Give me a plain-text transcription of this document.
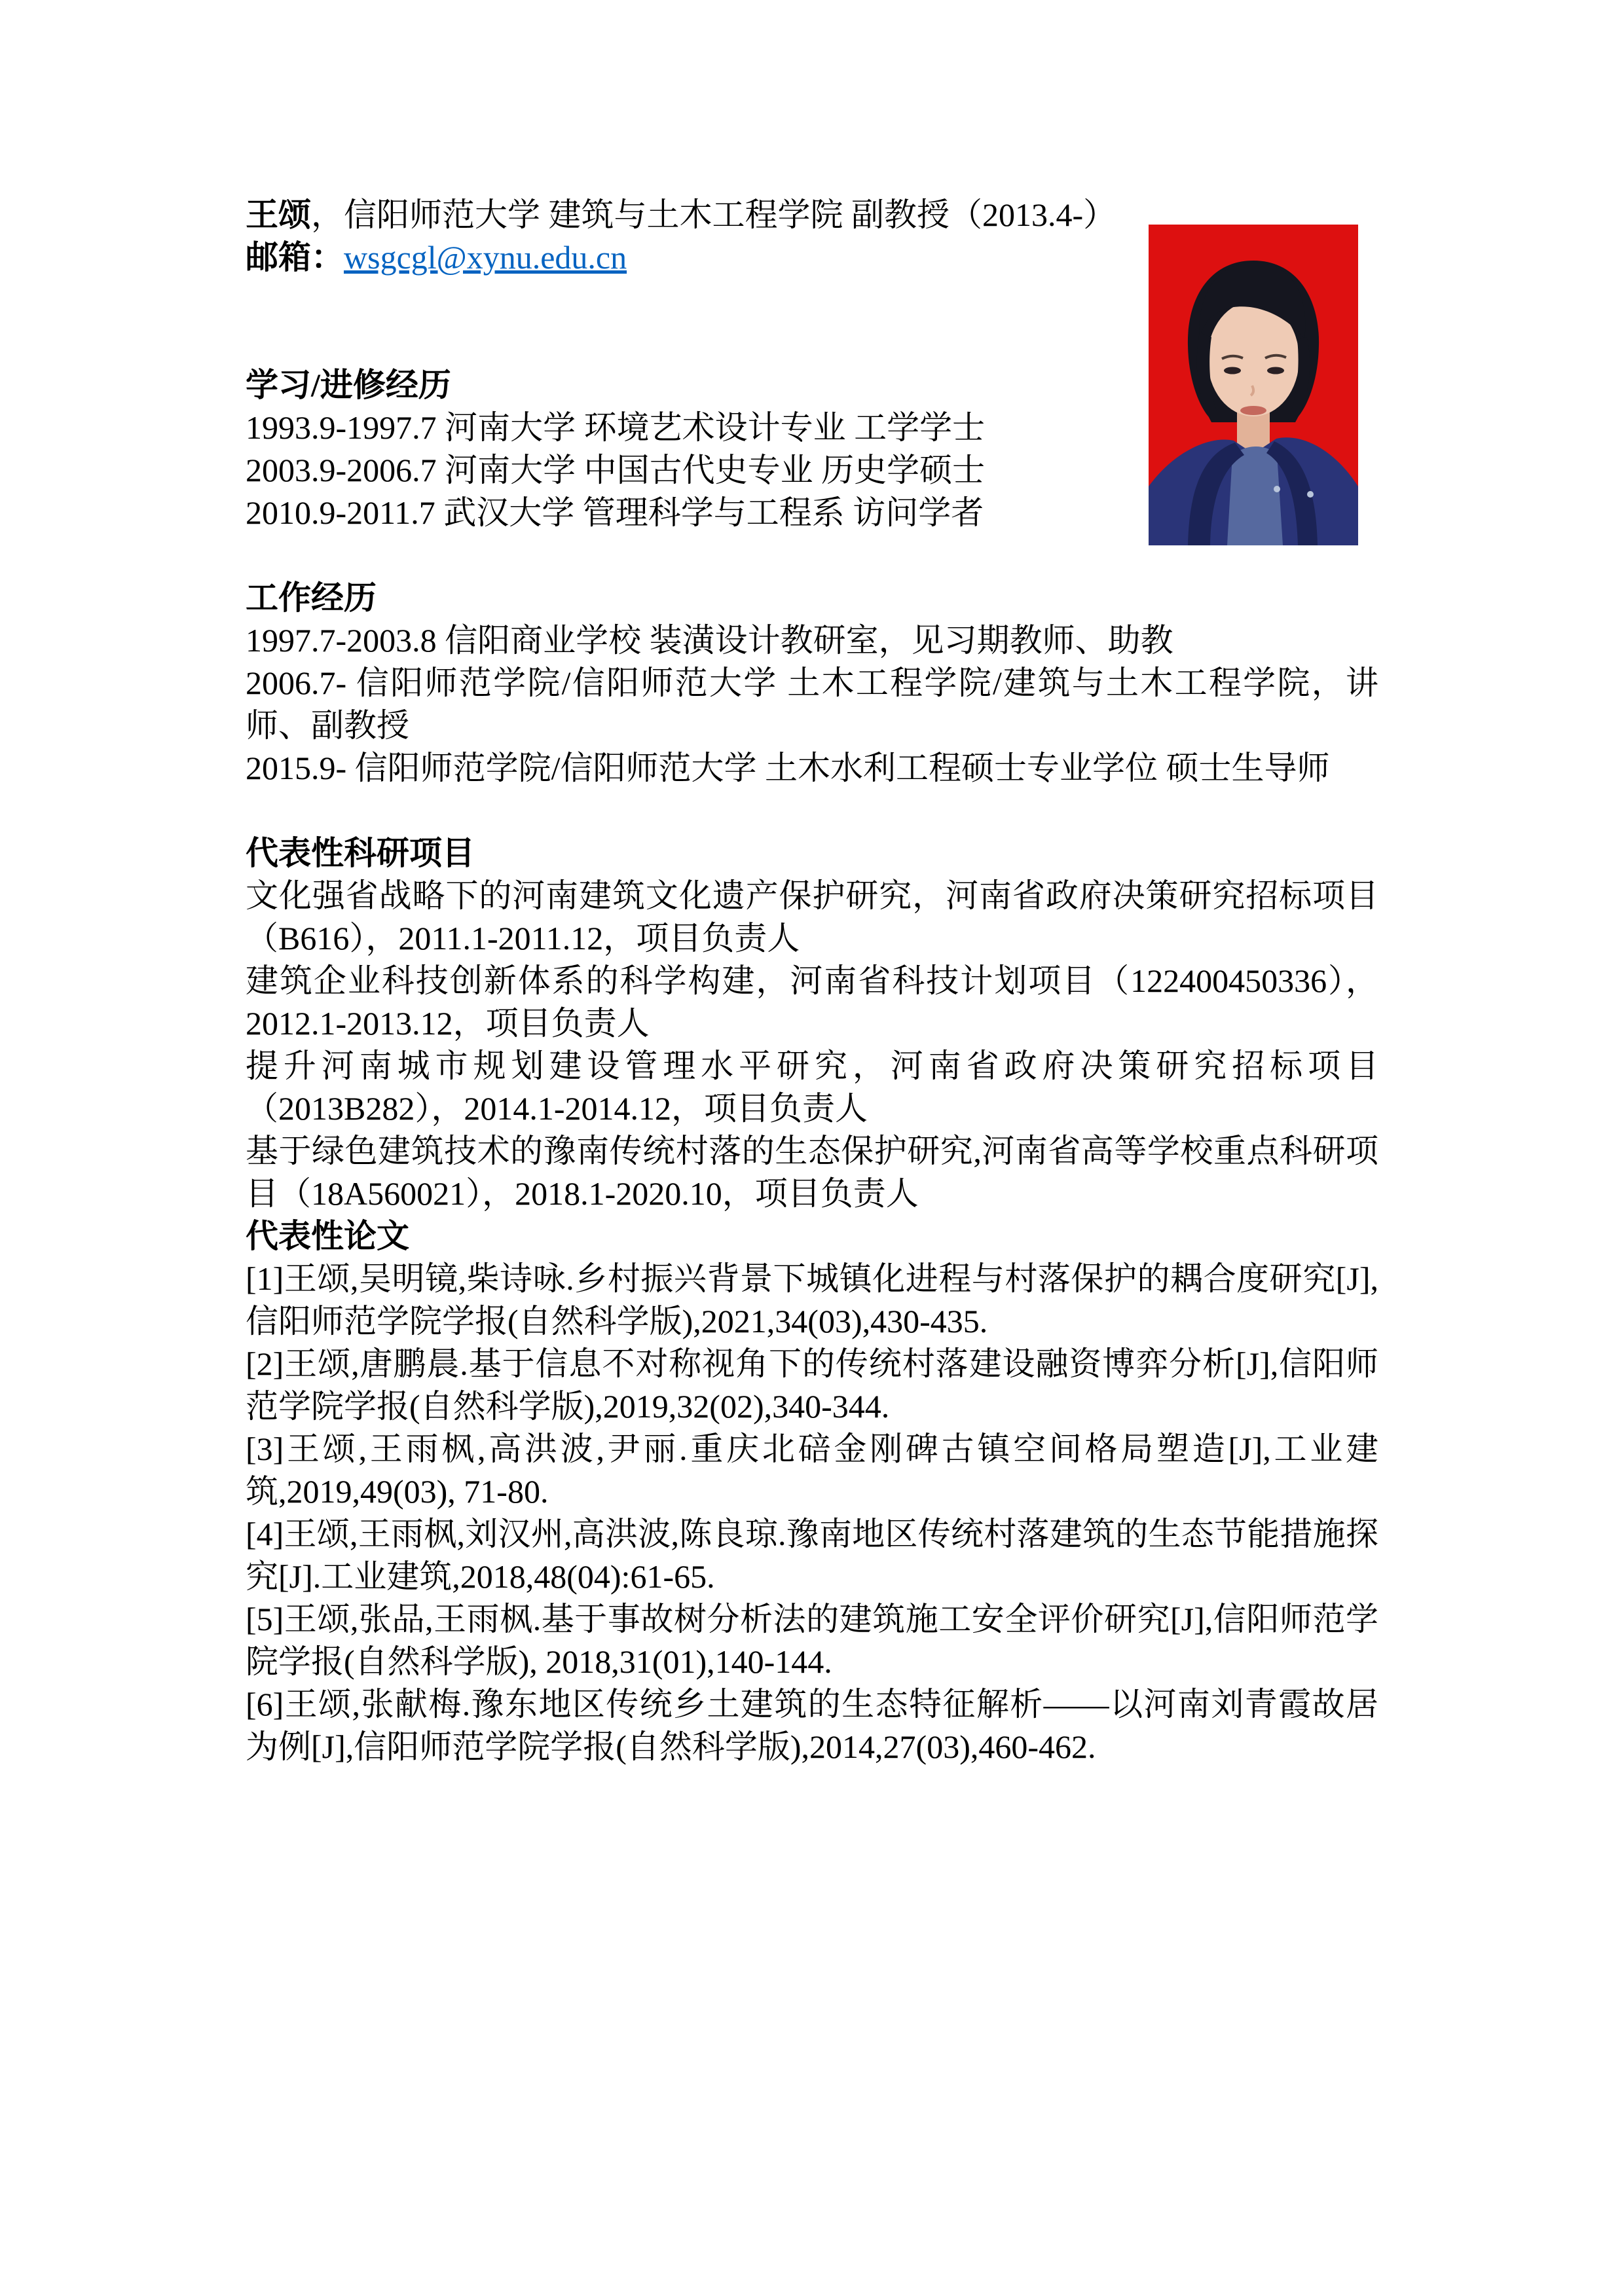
王颂，信阳师范大学 建筑与土木工程学院 副教授（2013.4-）

邮箱：wsgcgl@xynu.edu.cn

学习/进修经历

1993.9-1997.7 河南大学 环境艺术设计专业 工学学士

2003.9-2006.7 河南大学 中国古代史专业 历史学硕士

2010.9-2011.7 武汉大学 管理科学与工程系 访问学者

工作经历

1997.7-2003.8 信阳商业学校 装潢设计教研室，见习期教师、助教

2006.7- 信阳师范学院/信阳师范大学 土木工程学院/建筑与土木工程学院，讲师、副教授

2015.9- 信阳师范学院/信阳师范大学 土木水利工程硕士专业学位 硕士生导师

代表性科研项目

文化强省战略下的河南建筑文化遗产保护研究，河南省政府决策研究招标项目（B616），2011.1-2011.12，项目负责人

建筑企业科技创新体系的科学构建，河南省科技计划项目（122400450336），2012.1-2013.12，项目负责人

提升河南城市规划建设管理水平研究，河南省政府决策研究招标项目（2013B282），2014.1-2014.12，项目负责人

基于绿色建筑技术的豫南传统村落的生态保护研究,河南省高等学校重点科研项目（18A560021），2018.1-2020.10，项目负责人

代表性论文

[1]王颂,吴明镜,柴诗咏.乡村振兴背景下城镇化进程与村落保护的耦合度研究[J],信阳师范学院学报(自然科学版),2021,34(03),430-435.

[2]王颂,唐鹏晨.基于信息不对称视角下的传统村落建设融资博弈分析[J],信阳师范学院学报(自然科学版),2019,32(02),340-344.

[3]王颂,王雨枫,高洪波,尹丽.重庆北碚金刚碑古镇空间格局塑造[J],工业建筑,2019,49(03), 71-80.

[4]王颂,王雨枫,刘汉州,高洪波,陈良琼.豫南地区传统村落建筑的生态节能措施探究[J].工业建筑,2018,48(04):61-65.

[5]王颂,张品,王雨枫.基于事故树分析法的建筑施工安全评价研究[J],信阳师范学院学报(自然科学版), 2018,31(01),140-144.

[6]王颂,张献梅.豫东地区传统乡土建筑的生态特征解析——以河南刘青霞故居为例[J],信阳师范学院学报(自然科学版),2014,27(03),460-462.
